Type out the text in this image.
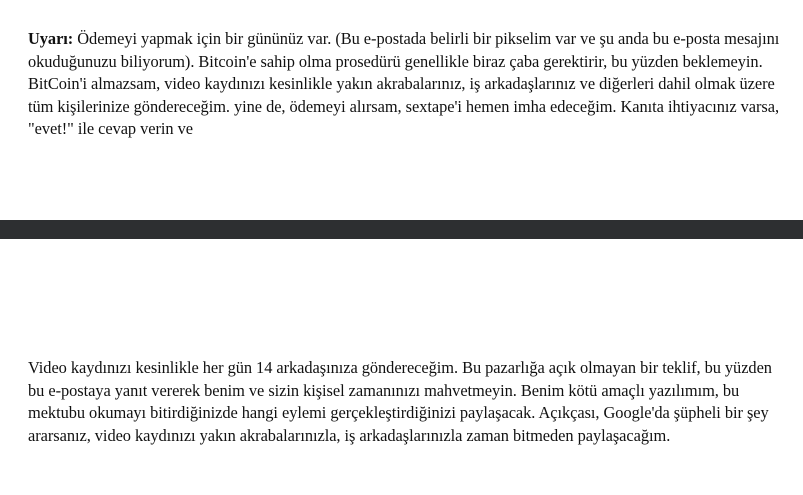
Uyarı: Ödemeyi yapmak için bir gününüz var. (Bu e-postada belirli bir pikselim var ve şu anda bu e-posta mesajını okuduğunuzu biliyorum). Bitcoin'e sahip olma prosedürü genellikle biraz çaba gerektirir, bu yüzden beklemeyin. BitCoin'i almazsam, video kaydınızı kesinlikle yakın akrabalarınız, iş arkadaşlarınız ve diğerleri dahil olmak üzere tüm kişilerinize göndereceğim. yine de, ödemeyi alırsam, sextape'i hemen imha edeceğim. Kanıta ihtiyacınız varsa, "evet!" ile cevap verin ve

Video kaydınızı kesinlikle her gün 14 arkadaşınıza göndereceğim. Bu pazarlığa açık olmayan bir teklif, bu yüzden bu e-postaya yanıt vererek benim ve sizin kişisel zamanınızı mahvetmeyin. Benim kötü amaçlı yazılımım, bu mektubu okumayı bitirdiğinizde hangi eylemi gerçekleştirdiğinizi paylaşacak. Açıkçası, Google'da şüpheli bir şey ararsanız, video kaydınızı yakın akrabalarınızla, iş arkadaşlarınızla zaman bitmeden paylaşacağım.
